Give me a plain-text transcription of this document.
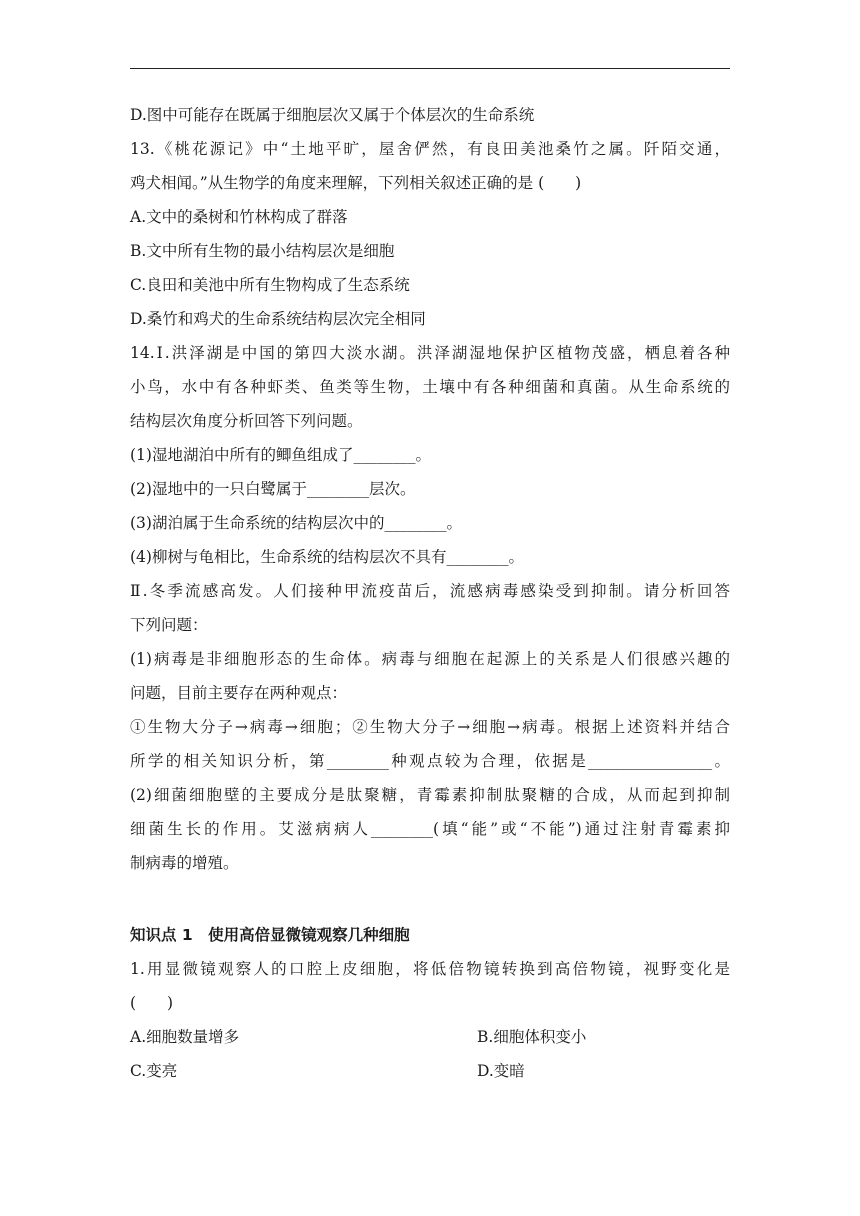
D.图中可能存在既属于细胞层次又属于个体层次的生命系统
13.《桃花源记》中“土地平旷，屋舍俨然，有良田美池桑竹之属。阡陌交通，
鸡犬相闻。”从生物学的角度来理解，下列相关叙述正确的是 (　　)
A.文中的桑树和竹林构成了群落
B.文中所有生物的最小结构层次是细胞
C.良田和美池中所有生物构成了生态系统
D.桑竹和鸡犬的生命系统结构层次完全相同
14.Ⅰ.洪泽湖是中国的第四大淡水湖。洪泽湖湿地保护区植物茂盛，栖息着各种
小鸟，水中有各种虾类、鱼类等生物，土壤中有各种细菌和真菌。从生命系统的
结构层次角度分析回答下列问题。
(1)湿地湖泊中所有的鲫鱼组成了________。
(2)湿地中的一只白鹭属于________层次。
(3)湖泊属于生命系统的结构层次中的________。
(4)柳树与龟相比，生命系统的结构层次不具有________。
Ⅱ.冬季流感高发。人们接种甲流疫苗后，流感病毒感染受到抑制。请分析回答
下列问题：
(1)病毒是非细胞形态的生命体。病毒与细胞在起源上的关系是人们很感兴趣的
问题，目前主要存在两种观点：
①生物大分子→病毒→细胞；②生物大分子→细胞→病毒。根据上述资料并结合
所学的相关知识分析，第________种观点较为合理，依据是________________。
(2)细菌细胞壁的主要成分是肽聚糖，青霉素抑制肽聚糖的合成，从而起到抑制
细菌生长的作用。艾滋病病人________(填“能”或“不能”)通过注射青霉素抑
制病毒的增殖。
知识点 1　使用高倍显微镜观察几种细胞
1.用显微镜观察人的口腔上皮细胞，将低倍物镜转换到高倍物镜，视野变化是
(　　)
A.细胞数量增多	B.细胞体积变小
C.变亮	D.变暗
